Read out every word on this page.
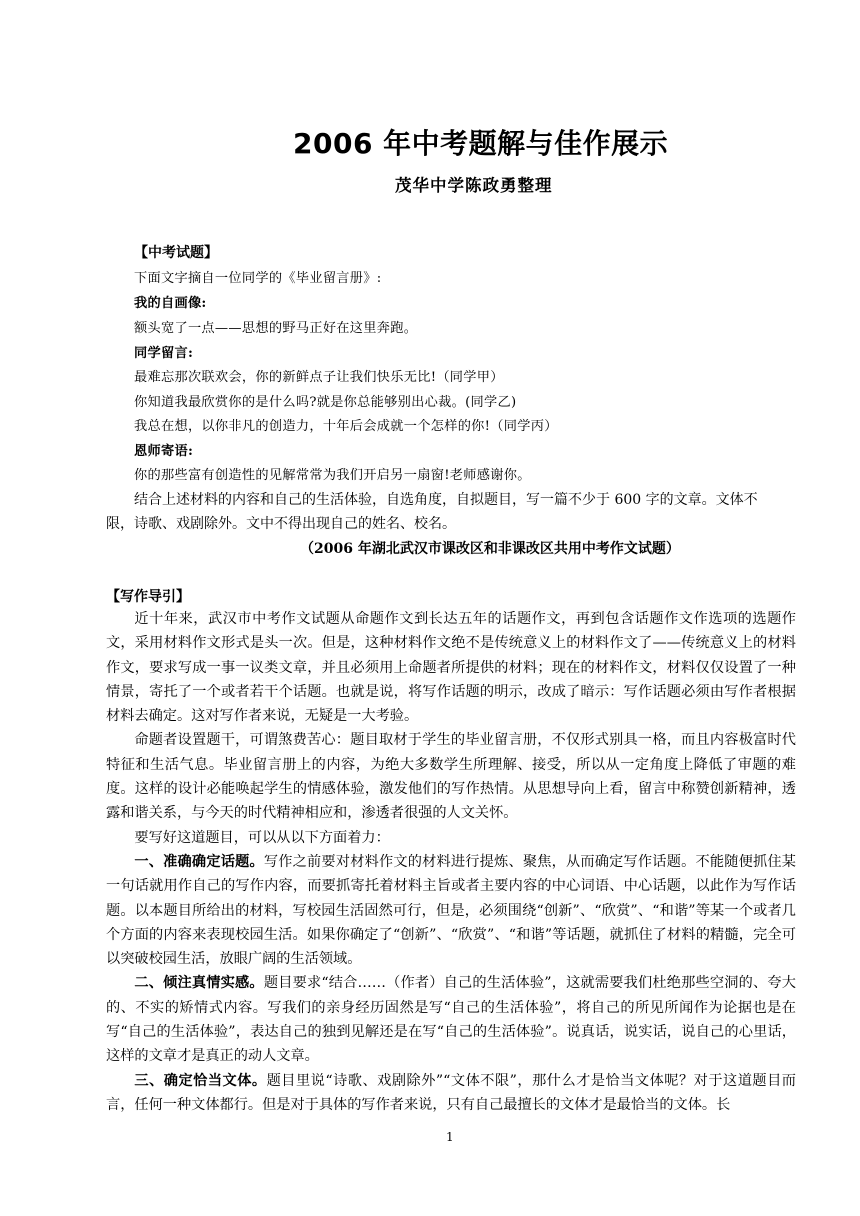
2006 年中考题解与佳作展示
茂华中学陈政勇整理
【中考试题】
下面文字摘自一位同学的《毕业留言册》:
我的自画像:
额头宽了一点——思想的野马正好在这里奔跑。
同学留言:
最难忘那次联欢会，你的新鲜点子让我们快乐无比!（同学甲）
你知道我最欣赏你的是什么吗?就是你总能够别出心裁。(同学乙)
我总在想，以你非凡的创造力，十年后会成就一个怎样的你!（同学丙）
恩师寄语:
你的那些富有创造性的见解常常为我们开启另一扇窗!老师感谢你。
结合上述材料的内容和自己的生活体验，自选角度，自拟题目，写一篇不少于 600 字的文章。文体不
限，诗歌、戏剧除外。文中不得出现自己的姓名、校名。
（2006 年湖北武汉市课改区和非课改区共用中考作文试题）
【写作导引】

近十年来，武汉市中考作文试题从命题作文到长达五年的话题作文，再到包含话题作文作选项的选题作文，采用材料作文形式是头一次。但是，这种材料作文绝不是传统意义上的材料作文了——传统意义上的材料作文，要求写成一事一议类文章，并且必须用上命题者所提供的材料；现在的材料作文，材料仅仅设置了一种情景，寄托了一个或者若干个话题。也就是说，将写作话题的明示，改成了暗示：写作话题必须由写作者根据材料去确定。这对写作者来说，无疑是一大考验。

命题者设置题干，可谓煞费苦心：题目取材于学生的毕业留言册，不仅形式别具一格，而且内容极富时代特征和生活气息。毕业留言册上的内容，为绝大多数学生所理解、接受，所以从一定角度上降低了审题的难度。这样的设计必能唤起学生的情感体验，激发他们的写作热情。从思想导向上看，留言中称赞创新精神，透露和谐关系，与今天的时代精神相应和，渗透者很强的人文关怀。

要写好这道题目，可以从以下方面着力：

一、准确确定话题。写作之前要对材料作文的材料进行提炼、聚焦，从而确定写作话题。不能随便抓住某一句话就用作自己的写作内容，而要抓寄托着材料主旨或者主要内容的中心词语、中心话题，以此作为写作话题。以本题目所给出的材料，写校园生活固然可行，但是，必须围绕“创新”、“欣赏”、“和谐”等某一个或者几个方面的内容来表现校园生活。如果你确定了“创新”、“欣赏”、“和谐”等话题，就抓住了材料的精髓，完全可以突破校园生活，放眼广阔的生活领域。

二、倾注真情实感。题目要求“结合……（作者）自己的生活体验”，这就需要我们杜绝那些空洞的、夸大的、不实的矫情式内容。写我们的亲身经历固然是写“自己的生活体验”，将自己的所见所闻作为论据也是在写“自己的生活体验”，表达自己的独到见解还是在写“自己的生活体验”。说真话，说实话，说自己的心里话，这样的文章才是真正的动人文章。

三、确定恰当文体。题目里说“诗歌、戏剧除外”“文体不限”，那什么才是恰当文体呢？对于这道题目而言，任何一种文体都行。但是对于具体的写作者来说，只有自己最擅长的文体才是最恰当的文体。长

1
